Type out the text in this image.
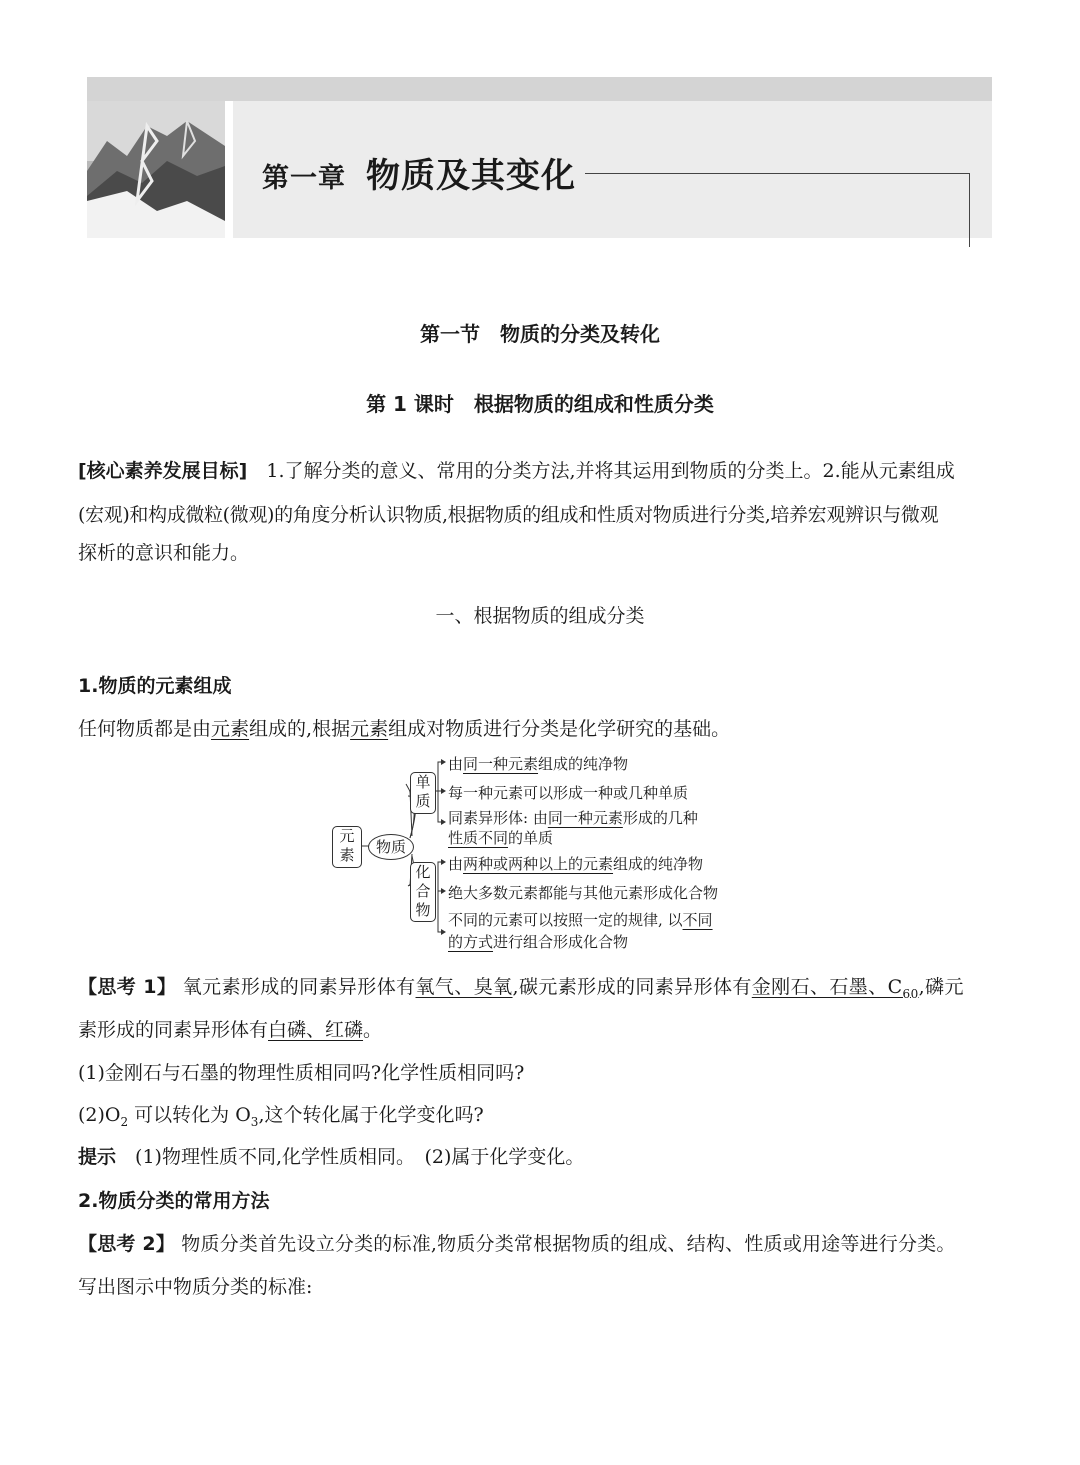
第一章 物质及其变化
第一节　物质的分类及转化
第 1 课时　根据物质的组成和性质分类
[核心素养发展目标]　 1.了解分类的意义、常用的分类方法,并将其运用到物质的分类上。2.能从元素组成
(宏观)和构成微粒(微观)的角度分析认识物质,根据物质的组成和性质对物质进行分类,培养宏观辨识与微观
探析的意识和能力。
一、根据物质的组成分类
1.物质的元素组成
任何物质都是由元素组成的,根据元素组成对物质进行分类是化学研究的基础。
元
素	物质
单
质
化
合
物
由同一种元素组成的纯净物
每一种元素可以形成一种或几种单质
同素异形体: 由同一种元素形成的几种
性质不同的单质
由两种或两种以上的元素组成的纯净物
绝大多数元素都能与其他元素形成化合物
不同的元素可以按照一定的规律, 以不同
的方式进行组合形成化合物
【思考 1】 氧元素形成的同素异形体有氧气、臭氧,碳元素形成的同素异形体有金刚石、石墨、$C_{60}$,磷元
素形成的同素异形体有白磷、红磷。
(1)金刚石与石墨的物理性质相同吗?化学性质相同吗?
$(2)O_2$ 可以转化为 $O_3$,这个转化属于化学变化吗?
提示　 (1)物理性质不同,化学性质相同。　 (2)属于化学变化。
2.物质分类的常用方法
【思考 2】 物质分类首先设立分类的标准,物质分类常根据物质的组成、结构、性质或用途等进行分类。
写出图示中物质分类的标准:
